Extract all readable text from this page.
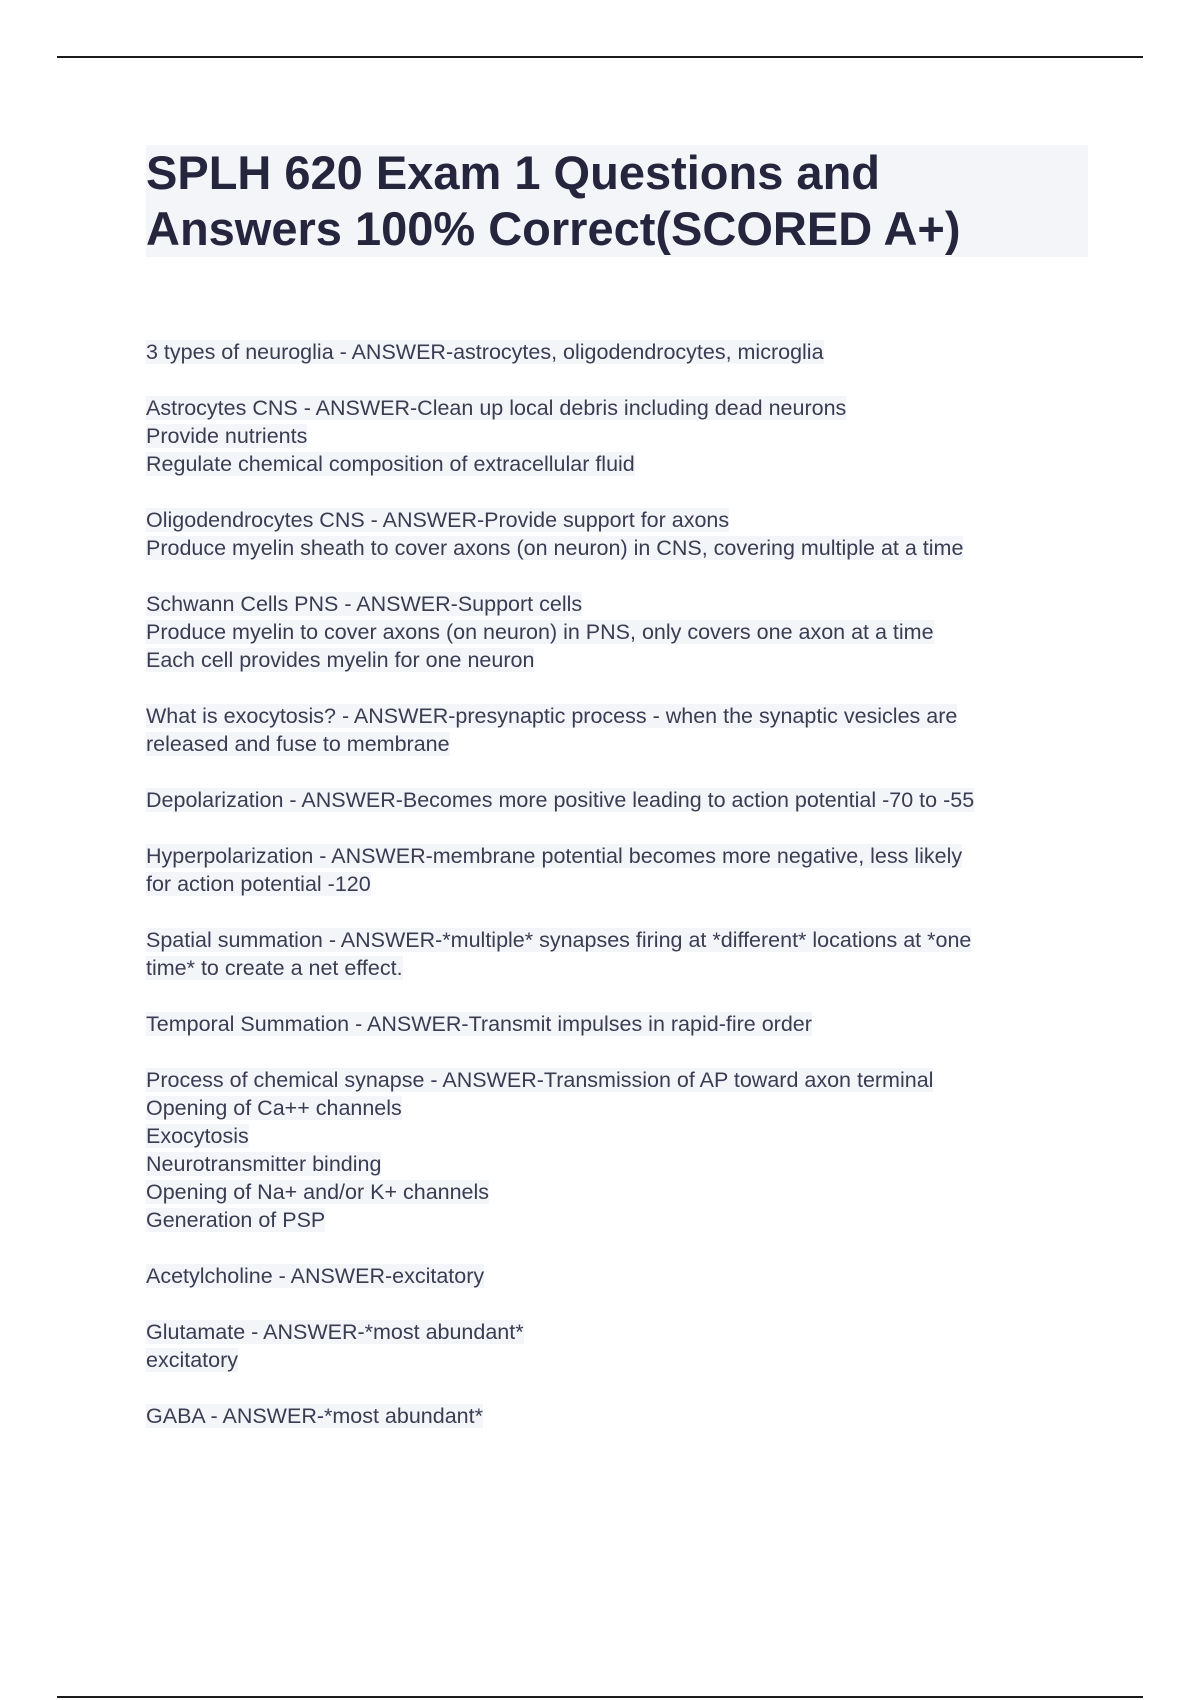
SPLH 620 Exam 1 Questions and
Answers 100% Correct(SCORED A+)
3 types of neuroglia - ANSWER-astrocytes, oligodendrocytes, microglia
Astrocytes CNS - ANSWER-Clean up local debris including dead neurons
Provide nutrients
Regulate chemical composition of extracellular fluid
Oligodendrocytes CNS - ANSWER-Provide support for axons
Produce myelin sheath to cover axons (on neuron) in CNS, covering multiple at a time
Schwann Cells PNS - ANSWER-Support cells
Produce myelin to cover axons (on neuron) in PNS, only covers one axon at a time
Each cell provides myelin for one neuron
What is exocytosis? - ANSWER-presynaptic process - when the synaptic vesicles are
released and fuse to membrane
Depolarization - ANSWER-Becomes more positive leading to action potential -70 to -55
Hyperpolarization - ANSWER-membrane potential becomes more negative, less likely
for action potential -120
Spatial summation - ANSWER-*multiple* synapses firing at *different* locations at *one
time* to create a net effect.
Temporal Summation - ANSWER-Transmit impulses in rapid-fire order
Process of chemical synapse - ANSWER-Transmission of AP toward axon terminal
Opening of Ca++ channels
Exocytosis
Neurotransmitter binding
Opening of Na+ and/or K+ channels
Generation of PSP
Acetylcholine - ANSWER-excitatory
Glutamate - ANSWER-*most abundant*
excitatory
GABA - ANSWER-*most abundant*
